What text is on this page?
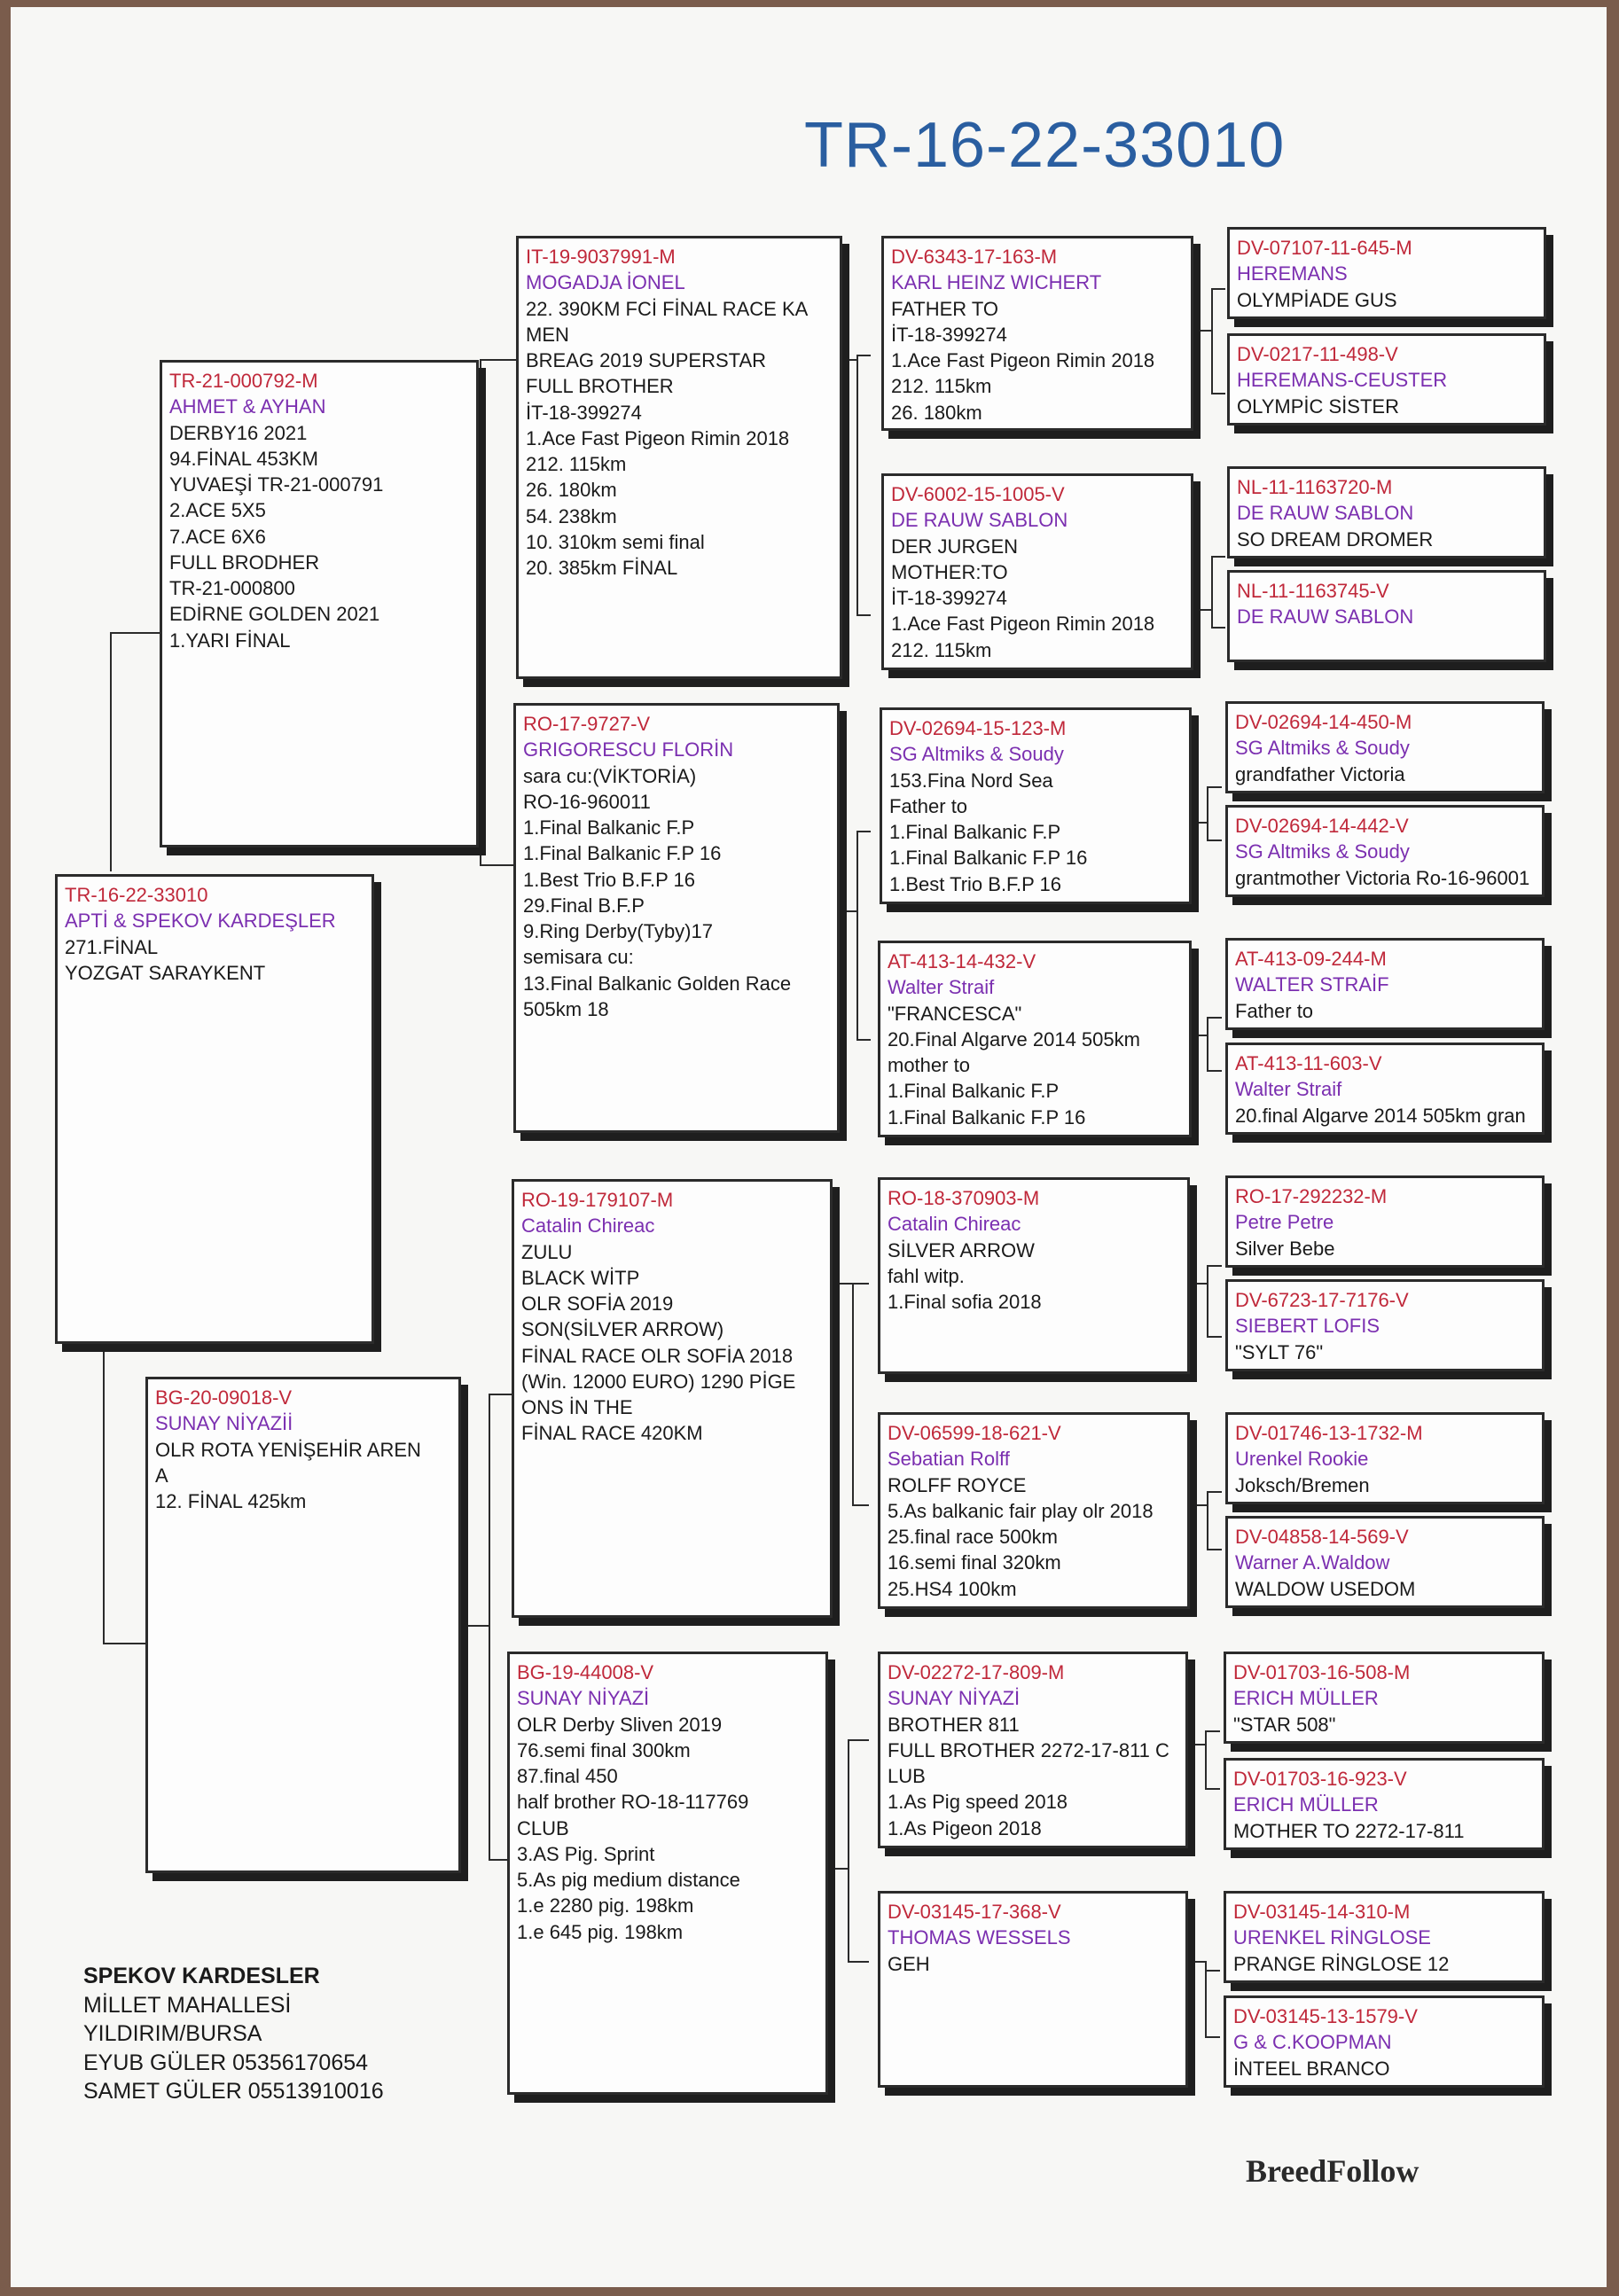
TR-16-22-33010
TR-16-22-33010
APTİ & SPEKOV KARDEŞLER
271.FİNAL
YOZGAT SARAYKENT
TR-21-000792-M
AHMET & AYHAN
DERBY16 2021
94.FİNAL 453KM
YUVAEŞİ TR-21-000791
2.ACE 5X5
7.ACE 6X6
FULL BRODHER
TR-21-000800
EDİRNE GOLDEN 2021
1.YARI FİNAL
BG-20-09018-V
SUNAY NİYAZİİ
OLR ROTA YENİŞEHİR AREN
A
12. FİNAL 425km
IT-19-9037991-M
MOGADJA İONEL
22. 390KM FCİ FİNAL RACE KA
MEN
BREAG 2019 SUPERSTAR
FULL BROTHER
İT-18-399274
1.Ace Fast Pigeon Rimin 2018
212. 115km
26. 180km
54. 238km
10. 310km semi final
20. 385km FİNAL
RO-17-9727-V
GRIGORESCU FLORİN
sara cu:(VİKTORİA)
RO-16-960011
1.Final Balkanic F.P
1.Final Balkanic F.P 16
1.Best Trio B.F.P 16
29.Final B.F.P
9.Ring Derby(Tyby)17
semisara cu:
13.Final Balkanic Golden Race
505km 18
RO-19-179107-M
Catalin Chireac
ZULU
BLACK WİTP
OLR SOFİA 2019
SON(SİLVER ARROW)
FİNAL RACE OLR SOFİA 2018
(Win. 12000 EURO) 1290 PİGE
ONS İN THE
FİNAL RACE 420KM
BG-19-44008-V
SUNAY NİYAZİ
OLR Derby Sliven 2019
76.semi final 300km
87.final 450
half brother RO-18-117769
CLUB
3.AS Pig. Sprint
5.As pig medium distance
1.e 2280 pig. 198km
1.e 645 pig. 198km
DV-6343-17-163-M
KARL HEINZ WICHERT
FATHER TO
İT-18-399274
1.Ace Fast Pigeon Rimin 2018
212. 115km
26. 180km
DV-6002-15-1005-V
DE RAUW SABLON
DER JURGEN
MOTHER:TO
İT-18-399274
1.Ace Fast Pigeon Rimin 2018
212. 115km
DV-02694-15-123-M
SG Altmiks & Soudy
153.Fina Nord Sea
Father to
1.Final Balkanic F.P
1.Final Balkanic F.P 16
1.Best Trio B.F.P 16
AT-413-14-432-V
Walter Straif
"FRANCESCA"
20.Final Algarve 2014 505km
mother to
1.Final Balkanic F.P
1.Final Balkanic F.P 16
RO-18-370903-M
Catalin Chireac
SİLVER ARROW
fahl witp.
1.Final sofia 2018
DV-06599-18-621-V
Sebatian Rolff
ROLFF ROYCE
5.As balkanic fair play olr 2018
25.final race 500km
16.semi final 320km
25.HS4 100km
DV-02272-17-809-M
SUNAY NİYAZİ
BROTHER 811
FULL BROTHER 2272-17-811 C
LUB
1.As Pig speed 2018
1.As Pigeon 2018
DV-03145-17-368-V
THOMAS WESSELS
GEH
DV-07107-11-645-M
HEREMANS
OLYMPİADE GUS
DV-0217-11-498-V
HEREMANS-CEUSTER
OLYMPİC SİSTER
NL-11-1163720-M
DE RAUW SABLON
SO DREAM DROMER
NL-11-1163745-V
DE RAUW SABLON
DV-02694-14-450-M
SG Altmiks & Soudy
grandfather Victoria
DV-02694-14-442-V
SG Altmiks & Soudy
grantmother Victoria Ro-16-96001
AT-413-09-244-M
WALTER STRAİF
Father to
AT-413-11-603-V
Walter Straif
20.final Algarve 2014 505km gran
RO-17-292232-M
Petre Petre
Silver Bebe
DV-6723-17-7176-V
SIEBERT LOFIS
"SYLT 76"
DV-01746-13-1732-M
Urenkel Rookie
Joksch/Bremen
DV-04858-14-569-V
Warner A.Waldow
WALDOW USEDOM
DV-01703-16-508-M
ERICH MÜLLER
"STAR 508"
DV-01703-16-923-V
ERICH MÜLLER
MOTHER TO 2272-17-811
DV-03145-14-310-M
URENKEL RİNGLOSE
PRANGE RİNGLOSE 12
DV-03145-13-1579-V
G & C.KOOPMAN
İNTEEL BRANCO
SPEKOV KARDESLER
MİLLET MAHALLESİ
YILDIRIM/BURSA
EYUB GÜLER 05356170654
SAMET GÜLER 05513910016
BreedFollow
